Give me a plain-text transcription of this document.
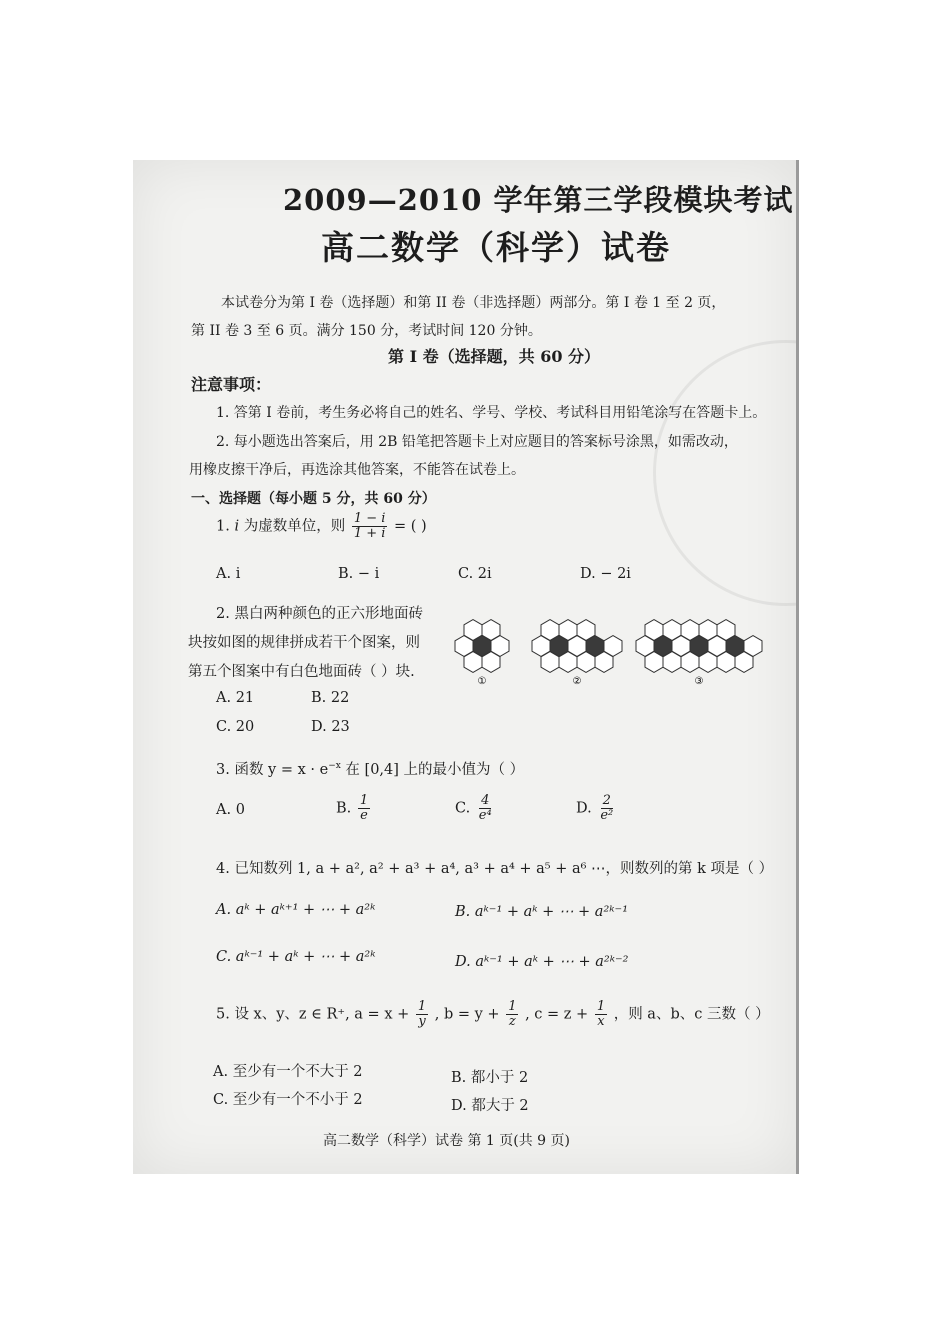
2009—2010 学年第三学段模块考试
高二数学（科学）试卷
本试卷分为第 I 卷（选择题）和第 II 卷（非选择题）两部分。第 I 卷 1 至 2 页，
第 II 卷 3 至 6 页。满分 150 分，考试时间 120 分钟。
第 I 卷（选择题，共 60 分）
注意事项：
1. 答第 I 卷前，考生务必将自己的姓名、学号、学校、考试科目用铅笔涂写在答题卡上。
2. 每小题选出答案后，用 2B 铅笔把答题卡上对应题目的答案标号涂黑，如需改动，
用橡皮擦干净后，再选涂其他答案，不能答在试卷上。
一、选择题（每小题 5 分，共 60 分）
1. i 为虚数单位，则 $\frac{1 - i}{1 + i}$ = ( )
A. i	B. − i	C. 2i	D. − 2i
2. 黑白两种颜色的正六形地面砖
块按如图的规律拼成若干个图案，则
第五个图案中有白色地面砖（ ）块.
A. 21	B. 22
C. 20	D. 23
①	②	③
3. 函数 $y = x \cdot e^{-x}$ 在 [0,4] 上的最小值为（ ）
A. 0	B. $\frac{1}{e}$	C. $\frac{4}{\text{e⁴}}$	D. $\frac{2}{\text{e²}}$
4. 已知数列 1, a + a², a² + a³ + a⁴, a³ + a⁴ + a⁵ + a⁶ ⋯，则数列的第 k 项是（ ）
A. aᵏ + aᵏ⁺¹ + ⋯ + a²ᵏ	B. aᵏ⁻¹ + aᵏ + ⋯ + a²ᵏ⁻¹
C. aᵏ⁻¹ + aᵏ + ⋯ + a²ᵏ	D. aᵏ⁻¹ + aᵏ + ⋯ + a²ᵏ⁻²
5. 设 x、y、z ∈ R⁺, $a = x + \frac{1}{y}$ , $b = y + \frac{1}{z}$ , $c = z + \frac{1}{x}$ ，则 a、b、c 三数（ ）
A. 至少有一个不大于 2	B. 都小于 2
C. 至少有一个不小于 2	D. 都大于 2
高二数学（科学）试卷 第 1 页(共 9 页)
